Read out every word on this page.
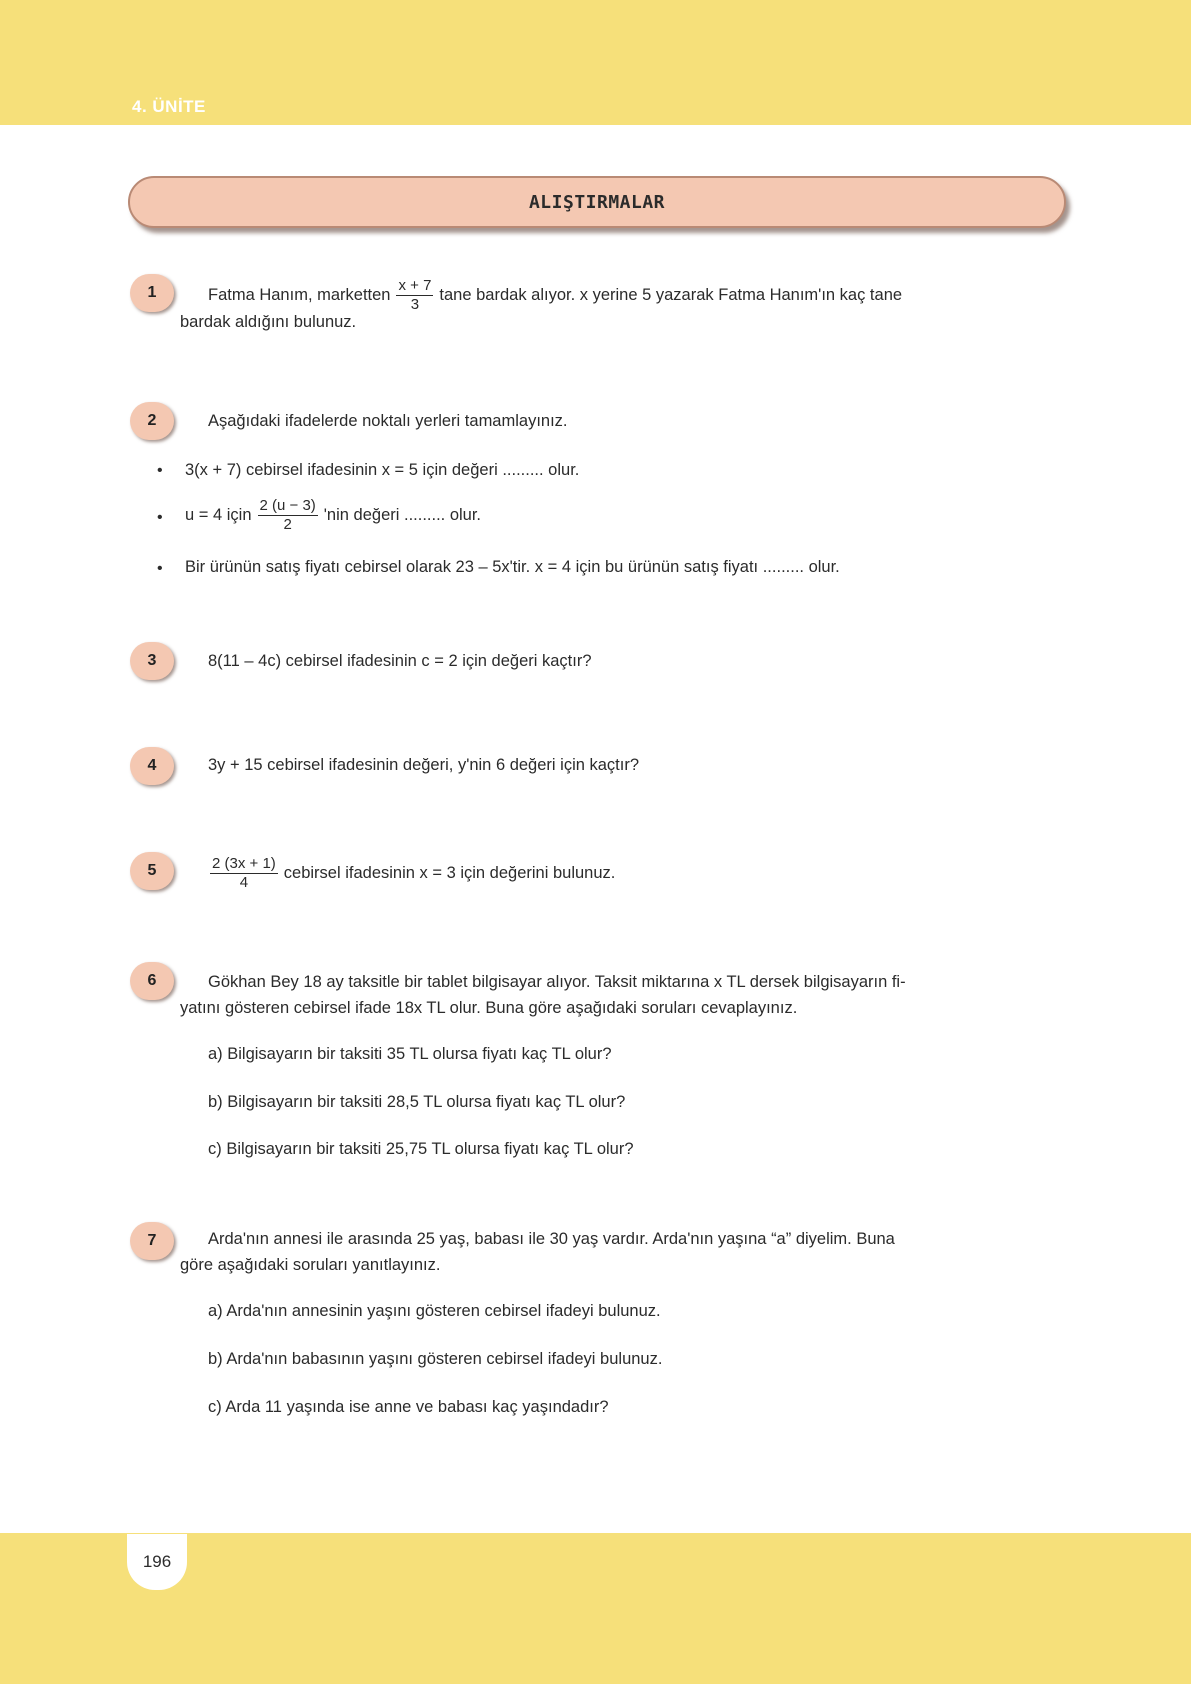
4. ÜNİTE
ALIŞTIRMALAR
1	Fatma Hanım, marketten $\frac{x + 7}{3}$ tane bardak alıyor. x yerine 5 yazarak Fatma Hanım'ın kaç tane
bardak aldığını bulunuz.
2	Aşağıdaki ifadelerde noktalı yerleri tamamlayınız.
• 3(x + 7) cebirsel ifadesinin x = 5 için değeri ......... olur.
• u = 4 için $\frac{2 (u - 3)}{2}$ 'nin değeri ......... olur.
• Bir ürünün satış fiyatı cebirsel olarak 23 – 5x'tir. x = 4 için bu ürünün satış fiyatı ......... olur.
3	8(11 – 4c) cebirsel ifadesinin c = 2 için değeri kaçtır?
4	3y + 15 cebirsel ifadesinin değeri, y'nin 6 değeri için kaçtır?
5	$\frac{2 (3x + 1)}{4}$ cebirsel ifadesinin x = 3 için değerini bulunuz.
6	Gökhan Bey 18 ay taksitle bir tablet bilgisayar alıyor. Taksit miktarına x TL dersek bilgisayarın fi-
yatını gösteren cebirsel ifade 18x TL olur. Buna göre aşağıdaki soruları cevaplayınız.
a) Bilgisayarın bir taksiti 35 TL olursa fiyatı kaç TL olur?
b) Bilgisayarın bir taksiti 28,5 TL olursa fiyatı kaç TL olur?
c) Bilgisayarın bir taksiti 25,75 TL olursa fiyatı kaç TL olur?
7	Arda'nın annesi ile arasında 25 yaş, babası ile 30 yaş vardır. Arda'nın yaşına “a” diyelim. Buna
göre aşağıdaki soruları yanıtlayınız.
a) Arda'nın annesinin yaşını gösteren cebirsel ifadeyi bulunuz.
b) Arda'nın babasının yaşını gösteren cebirsel ifadeyi bulunuz.
c) Arda 11 yaşında ise anne ve babası kaç yaşındadır?
196
